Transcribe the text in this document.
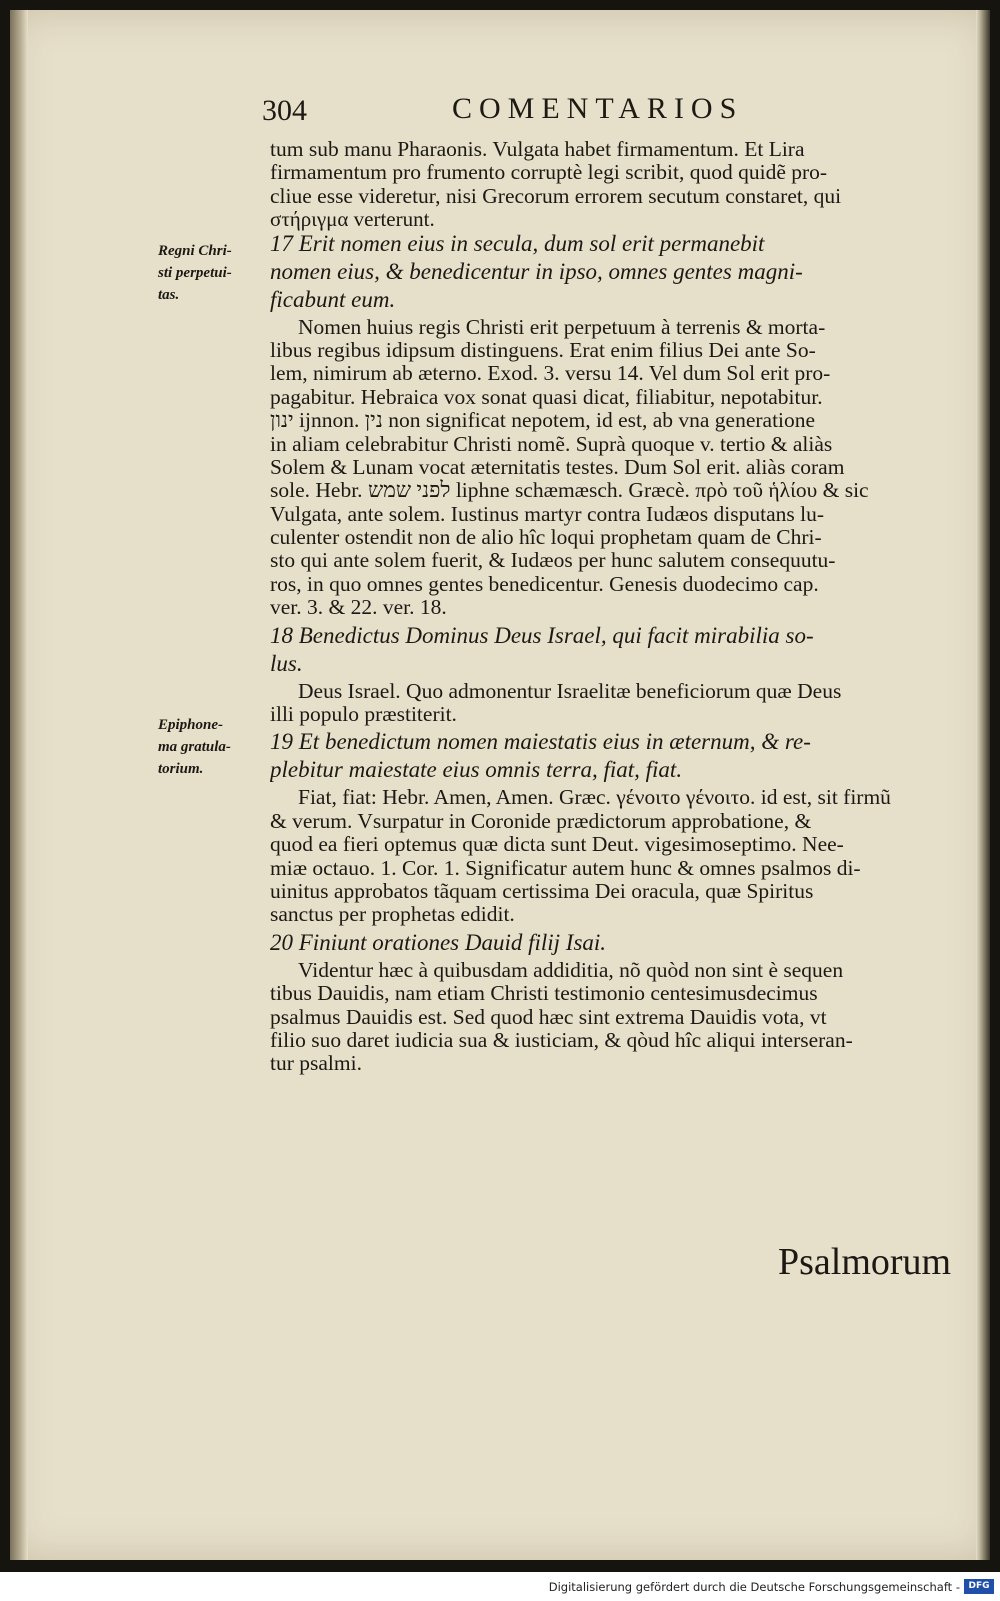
304	COMENTARIOS
Regni Chri-
sti perpetui-
tas.
Epiphone-
ma gratula-
torium.
tum sub manu Pharaonis. Vulgata habet firmamentum. Et Lira
firmamentum pro frumento corruptè legi scribit, quod quidẽ pro-
cliue esse videretur, nisi Grecorum errorem secutum constaret, qui
στήριγμα verterunt.
17 Erit nomen eius in secula, dum sol erit permanebit
nomen eius, & benedicentur in ipso, omnes gentes magni-
ficabunt eum.
Nomen huius regis Christi erit perpetuum à terrenis & morta-
libus regibus idipsum distinguens. Erat enim filius Dei ante So-
lem, nimirum ab æterno. Exod. 3. versu 14. Vel dum Sol erit pro-
pagabitur. Hebraica vox sonat quasi dicat, filiabitur, nepotabitur.
ינון ijnnon. נין non significat nepotem, id est, ab vna generatione
in aliam celebrabitur Christi nomẽ. Suprà quoque v. tertio & aliàs
Solem & Lunam vocat æternitatis testes. Dum Sol erit. aliàs coram
sole. Hebr. לפני שמש liphne schæmæsch. Græcè. πρὸ τοῦ ἡλίου & sic
Vulgata, ante solem. Iustinus martyr contra Iudæos disputans lu-
culenter ostendit non de alio hîc loqui prophetam quam de Chri-
sto qui ante solem fuerit, & Iudæos per hunc salutem consequutu-
ros, in quo omnes gentes benedicentur. Genesis duodecimo cap.
ver. 3. & 22. ver. 18.
18 Benedictus Dominus Deus Israel, qui facit mirabilia so-
lus.
Deus Israel. Quo admonentur Israelitæ beneficiorum quæ Deus
illi populo præstiterit.
19 Et benedictum nomen maiestatis eius in æternum, & re-
plebitur maiestate eius omnis terra, fiat, fiat.
Fiat, fiat: Hebr. Amen, Amen. Græc. γένοιτο γένοιτο. id est, sit firmũ
& verum. Vsurpatur in Coronide prædictorum approbatione, &
quod ea fieri optemus quæ dicta sunt Deut. vigesimoseptimo. Nee-
miæ octauo. 1. Cor. 1. Significatur autem hunc & omnes psalmos di-
uinitus approbatos tãquam certissima Dei oracula, quæ Spiritus
sanctus per prophetas edidit.
20 Finiunt orationes Dauid filij Isai.
Videntur hæc à quibusdam addiditia, nõ quòd non sint è sequen
tibus Dauidis, nam etiam Christi testimonio centesimusdecimus
psalmus Dauidis est. Sed quod hæc sint extrema Dauidis vota, vt
filio suo daret iudicia sua & iusticiam, & qòud hîc aliqui interseran-
tur psalmi.
Psalmorum
Digitalisierung gefördert durch die Deutsche Forschungsgemeinschaft - DFG
